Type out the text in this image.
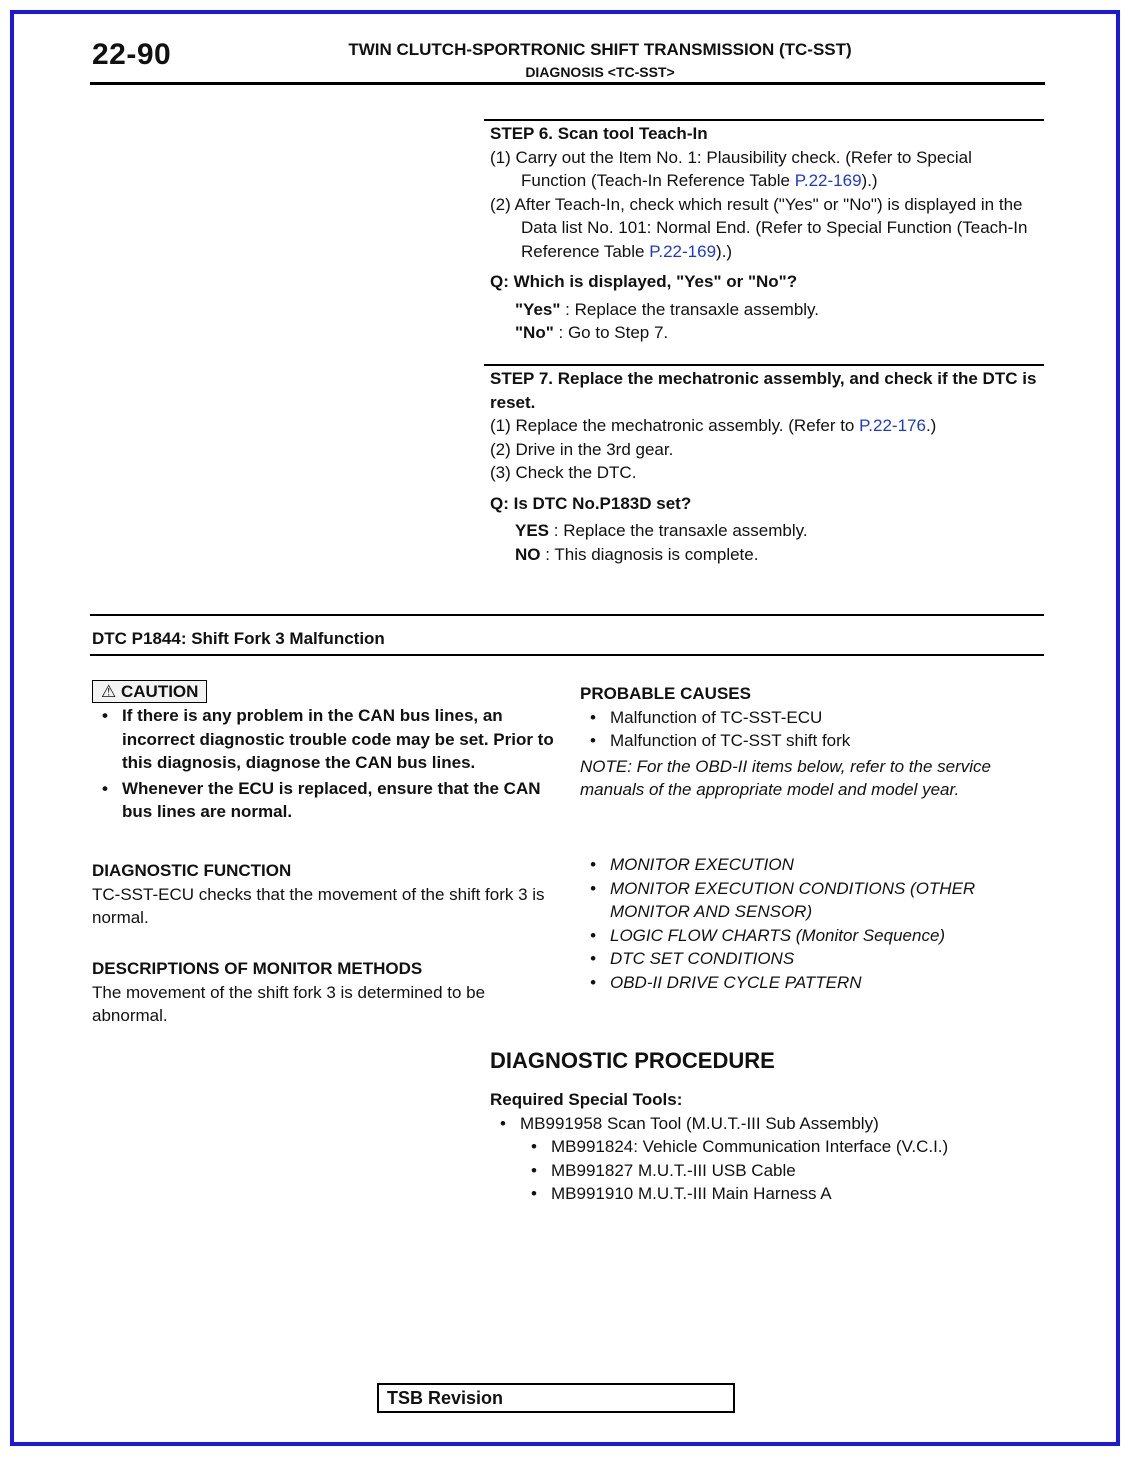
22-90	TWIN CLUTCH-SPORTRONIC SHIFT TRANSMISSION (TC-SST)
DIAGNOSIS <TC-SST>
STEP 6. Scan tool Teach-In
(1) Carry out the Item No. 1: Plausibility check. (Refer to Special Function (Teach-In Reference Table P.22-169).)
(2) After Teach-In, check which result ("Yes" or "No") is displayed in the Data list No. 101: Normal End. (Refer to Special Function (Teach-In Reference Table P.22-169).)
Q: Which is displayed, "Yes" or "No"?
"Yes" : Replace the transaxle assembly.
"No" : Go to Step 7.
STEP 7. Replace the mechatronic assembly, and check if the DTC is reset.
(1) Replace the mechatronic assembly. (Refer to P.22-176.)
(2) Drive in the 3rd gear.
(3) Check the DTC.
Q: Is DTC No.P183D set?
YES : Replace the transaxle assembly.
NO : This diagnosis is complete.
DTC P1844: Shift Fork 3 Malfunction
⚠ CAUTION
• If there is any problem in the CAN bus lines, an incorrect diagnostic trouble code may be set. Prior to this diagnosis, diagnose the CAN bus lines.
• Whenever the ECU is replaced, ensure that the CAN bus lines are normal.
DIAGNOSTIC FUNCTION
TC-SST-ECU checks that the movement of the shift fork 3 is normal.
DESCRIPTIONS OF MONITOR METHODS
The movement of the shift fork 3 is determined to be abnormal.
PROBABLE CAUSES
• Malfunction of TC-SST-ECU
• Malfunction of TC-SST shift fork
NOTE: For the OBD-II items below, refer to the service manuals of the appropriate model and model year.
• MONITOR EXECUTION
• MONITOR EXECUTION CONDITIONS (OTHER MONITOR AND SENSOR)
• LOGIC FLOW CHARTS (Monitor Sequence)
• DTC SET CONDITIONS
• OBD-II DRIVE CYCLE PATTERN
DIAGNOSTIC PROCEDURE
Required Special Tools:
• MB991958 Scan Tool (M.U.T.-III Sub Assembly)
• MB991824: Vehicle Communication Interface (V.C.I.)
• MB991827 M.U.T.-III USB Cable
• MB991910 M.U.T.-III Main Harness A
TSB Revision
